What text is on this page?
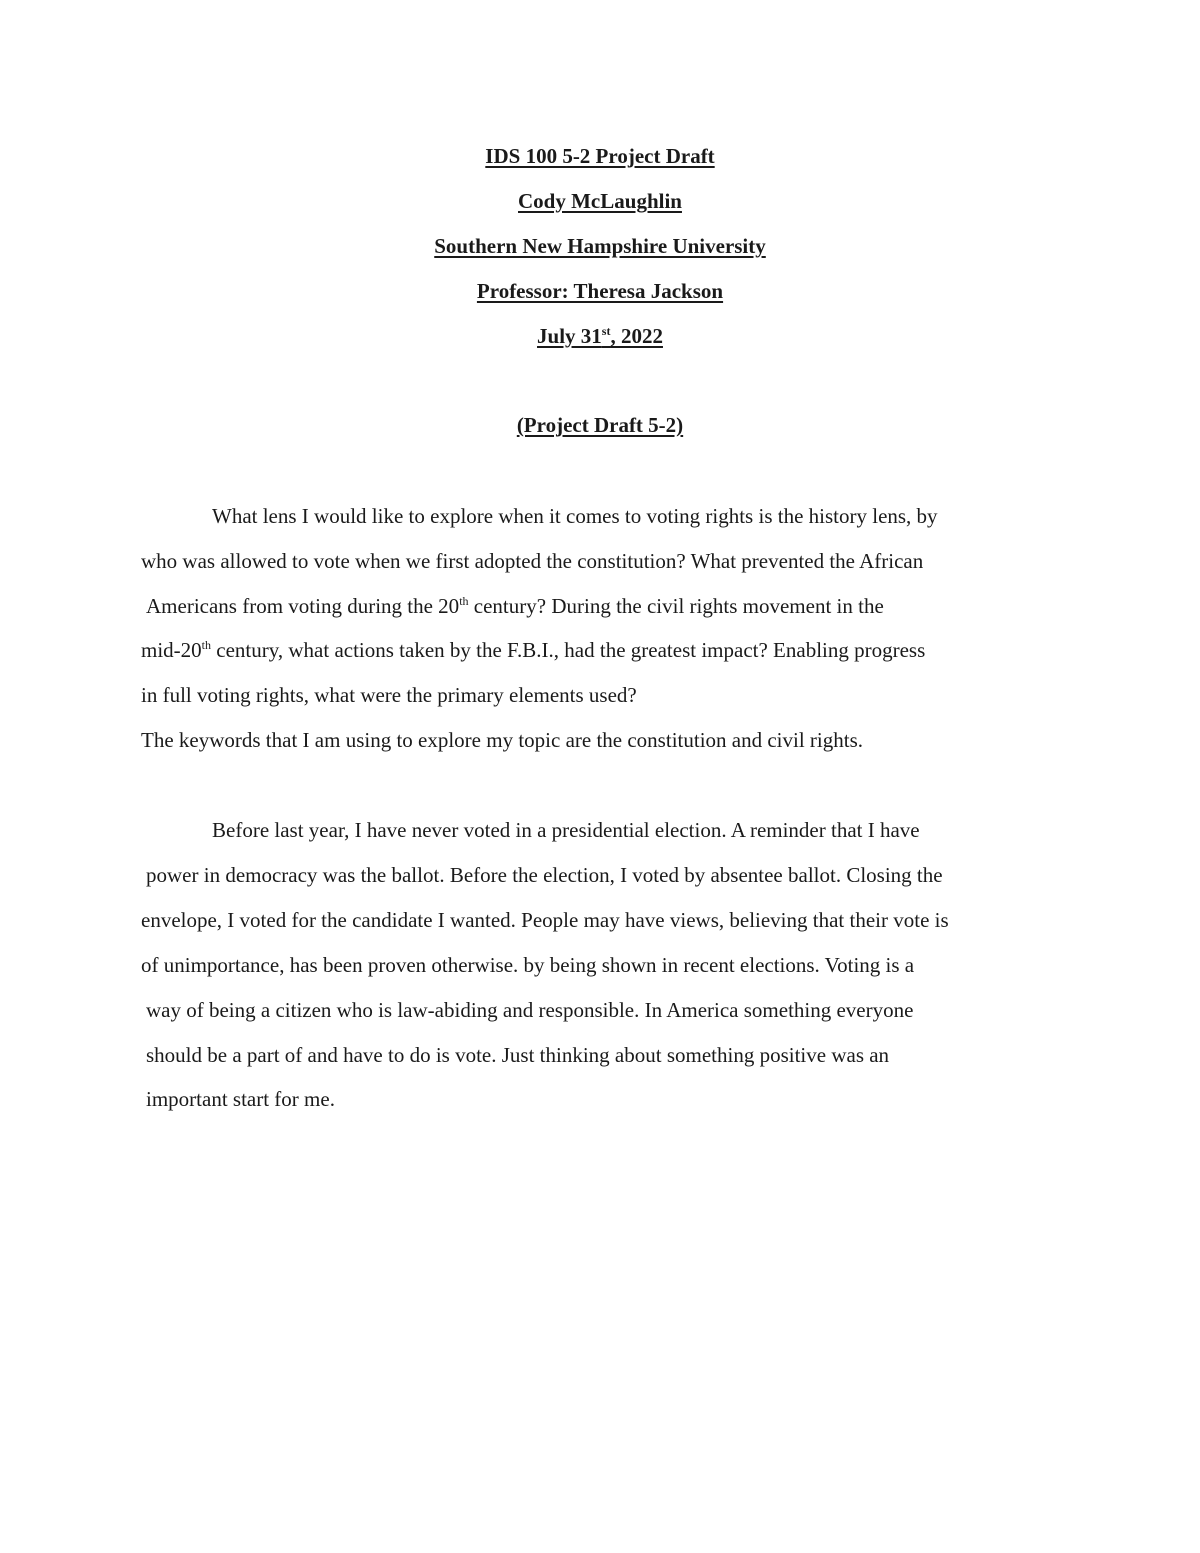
IDS 100 5-2 Project Draft
Cody McLaughlin
Southern New Hampshire University
Professor: Theresa Jackson
July 31st, 2022
(Project Draft 5-2)
What lens I would like to explore when it comes to voting rights is the history lens, by
who was allowed to vote when we first adopted the constitution? What prevented the African
Americans from voting during the 20th century? During the civil rights movement in the
mid-20th century, what actions taken by the F.B.I., had the greatest impact? Enabling progress
in full voting rights, what were the primary elements used?
The keywords that I am using to explore my topic are the constitution and civil rights.
Before last year, I have never voted in a presidential election. A reminder that I have
power in democracy was the ballot. Before the election, I voted by absentee ballot. Closing the
envelope, I voted for the candidate I wanted. People may have views, believing that their vote is
of unimportance, has been proven otherwise. by being shown in recent elections. Voting is a
way of being a citizen who is law-abiding and responsible. In America something everyone
should be a part of and have to do is vote. Just thinking about something positive was an
important start for me.
